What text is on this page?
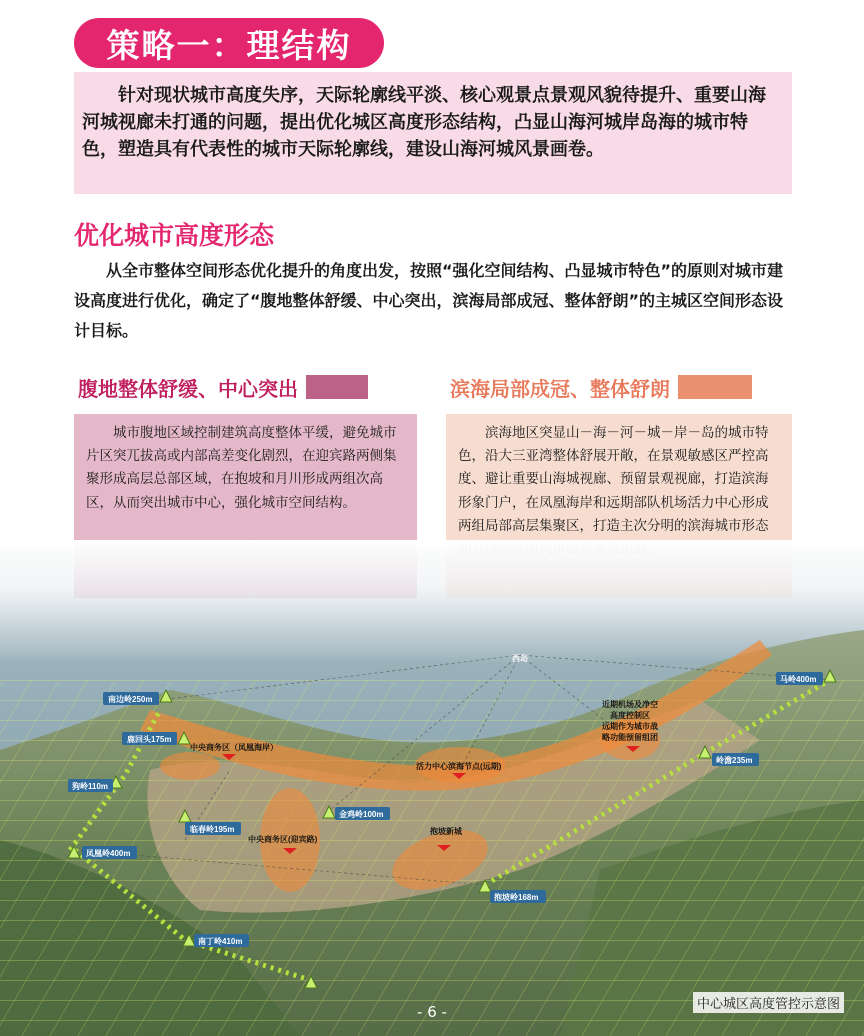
策略一：理结构
针对现状城市高度失序，天际轮廓线平淡、核心观景点景观风貌待提升、重要山海河城视廊未打通的问题，提出优化城区高度形态结构，凸显山海河城岸岛海的城市特色，塑造具有代表性的城市天际轮廓线，建设山海河城风景画卷。
优化城市高度形态
从全市整体空间形态优化提升的角度出发，按照“强化空间结构、凸显城市特色”的原则对城市建设高度进行优化，确定了“腹地整体舒缓、中心突出，滨海局部成冠、整体舒朗”的主城区空间形态设计目标。
腹地整体舒缓、中心突出	滨海局部成冠、整体舒朗
城市腹地区域控制建筑高度整体平缓，避免城市片区突兀拔高或内部高差变化剧烈，在迎宾路两侧集聚形成高层总部区域，在抱坡和月川形成两组次高区，从而突出城市中心，强化城市空间结构。
滨海地区突显山－海－河－城－岸－岛的城市特色，沿大三亚湾整体舒展开敞，在景观敏感区严控高度、避让重要山海城视廊、预留景观视廊，打造滨海形象门户，在凤凰海岸和远期部队机场活力中心形成两组局部高层集聚区，打造主次分明的滨海城市形态
南边岭250m
鹿回头175m
狗岭110m
凤凰岭400m
临春岭195m
金鸡岭100m
抱坡岭168m
南丁岭410m
岭澹235m
马岭400m
中央商务区（凤凰海岸）
中央商务区(迎宾路)
活力中心滨海节点(远期)
抱坡新城
西岛
近期机场及净空
高度控制区
远期作为城市战
略功能预留组团
- 6 -	中心城区高度管控示意图
